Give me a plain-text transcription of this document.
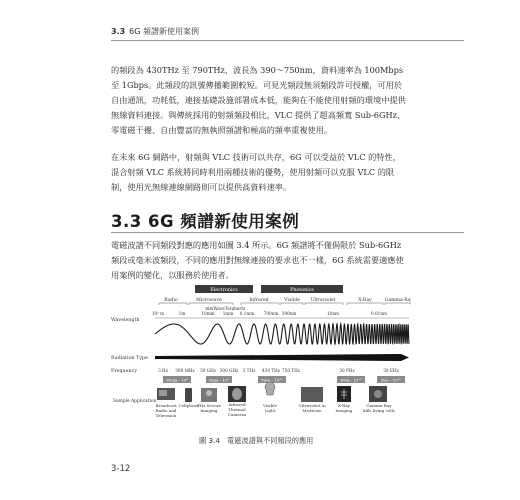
3.3 6G 頻譜新使用案例

的頻段為 430THz 至 790THz，波長為 390～750nm，資料速率為 100Mbps 至 1Gbps。此頻段的訊號傳播範圍較短。可見光頻段無須頻段許可授權，可用於自由通訊，功耗低，連接基礎設施部署成本低，能夠在不能使用射頻的環境中提供無線資料連接。與傳統採用的射頻頻段相比，VLC 提供了超高頻寬 Sub-6GHz、零電磁干擾、自由豐富的無執照頻譜和極高的頻率重複使用。

在未來 6G 網路中，射頻與 VLC 技術可以共存，6G 可以受益於 VLC 的特性，混合射頻 VLC 系統將同時利用兩種技術的優勢，使用射頻可以克服 VLC 的限制，使用光無線連線網路則可以提供高資料速率。

3.3 6G 頻譜新使用案例

電磁波譜不同頻段對應的應用如圖 3.4 所示。6G 頻譜將不僅侷限於 Sub-6GHz 頻段或毫米波頻段，不同的應用對無線連接的要求也不一樣，6G 系統需要適應使用案例的變化，以服務於使用者。

Electronics	Photonics
Radio	Microwave	Infrared	Visible Ultraviolet	X-Ray	Gamma-Ray
mmWave Terahertz
Wavelength
10³ m	1m	10mm 1mm 0.1mm 700nm 390nm	10nm	0.01nm
Radiation Type
Frequency	3 Hz 300 MHz 30 GHz 300 GHz 3 THz 430 THz 750 THz	30 PHz	30 EHz
Mega - 10⁶	Giga - 10⁹	Tera - 10¹²	Peta - 10¹⁵	Exa - 10¹⁸
Sample Application
Broadcast Radio and Television
Cellphone
THz Secure Imaging
Infrared Thermal Cameras
Visible Light
Ultraviolet in Medicine
X-Ray Imaging
Gamma-Ray kills living cells
圖 3.4　電磁波譜與不同頻段的應用
3-12
